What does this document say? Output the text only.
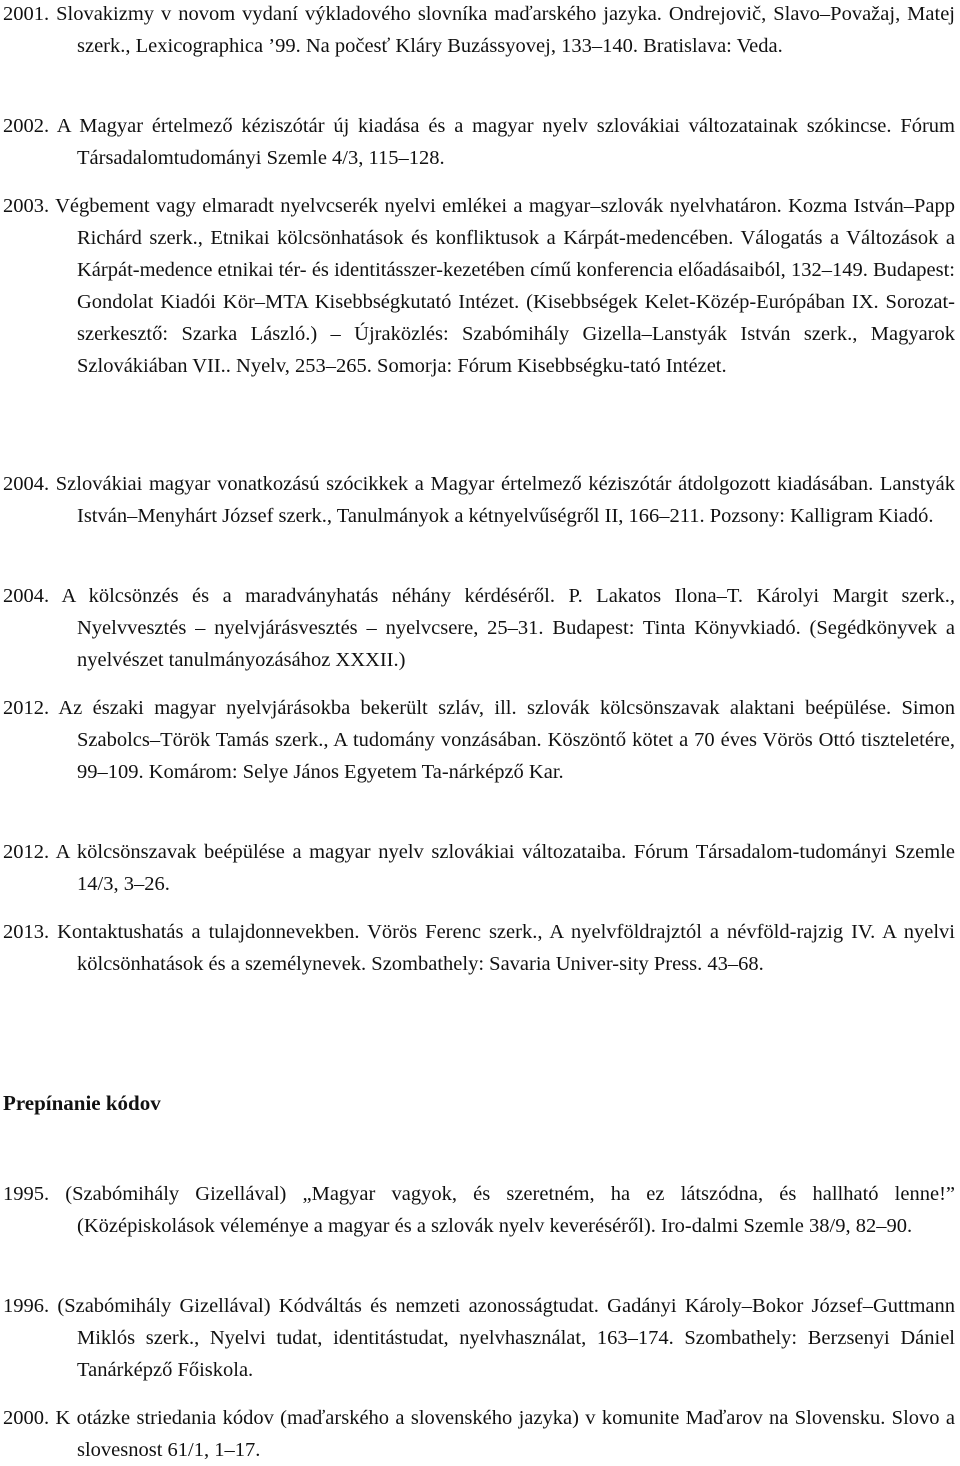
2001. Slovakizmy v novom vydaní výkladového slovníka maďarského jazyka. Ondrejovič, Slavo–Považaj, Matej szerk., Lexicographica ’99. Na počesť Kláry Buzássyovej, 133–140. Bratislava: Veda.
2002. A Magyar értelmező kéziszótár új kiadása és a magyar nyelv szlovákiai változatainak szókincse. Fórum Társadalomtudományi Szemle 4/3, 115–128.
2003. Végbement vagy elmaradt nyelvcserék nyelvi emlékei a magyar–szlovák nyelvhatáron. Kozma István–Papp Richárd szerk., Etnikai kölcsönhatások és konfliktusok a Kárpát-medencében. Válogatás a Változások a Kárpát-medence etnikai tér- és identitásszer-kezetében című konferencia előadásaiból, 132–149. Budapest: Gondolat Kiadói Kör–MTA Kisebbségkutató Intézet. (Kisebbségek Kelet-Közép-Európában IX. Sorozat-szerkesztő: Szarka László.) – Újraközlés: Szabómihály Gizella–Lanstyák István szerk., Magyarok Szlovákiában VII.. Nyelv, 253–265. Somorja: Fórum Kisebbségku-tató Intézet.
2004. Szlovákiai magyar vonatkozású szócikkek a Magyar értelmező kéziszótár átdolgozott kiadásában. Lanstyák István–Menyhárt József szerk., Tanulmányok a kétnyelvűségről II, 166–211. Pozsony: Kalligram Kiadó.
2004. A kölcsönzés és a maradványhatás néhány kérdéséről. P. Lakatos Ilona–T. Károlyi Margit szerk., Nyelvvesztés – nyelvjárásvesztés – nyelvcsere, 25–31. Budapest: Tinta Könyvkiadó. (Segédkönyvek a nyelvészet tanulmányozásához XXXII.)
2012. Az északi magyar nyelvjárásokba bekerült szláv, ill. szlovák kölcsönszavak alaktani beépülése. Simon Szabolcs–Török Tamás szerk., A tudomány vonzásában. Köszöntő kötet a 70 éves Vörös Ottó tiszteletére, 99–109. Komárom: Selye János Egyetem Ta-nárképző Kar.
2012. A kölcsönszavak beépülése a magyar nyelv szlovákiai változataiba. Fórum Társadalom-tudományi Szemle 14/3, 3–26.
2013. Kontaktushatás a tulajdonnevekben. Vörös Ferenc szerk., A nyelvföldrajztól a névföld-rajzig IV. A nyelvi kölcsönhatások és a személynevek. Szombathely: Savaria Univer-sity Press. 43–68.
Prepínanie kódov
1995. (Szabómihály Gizellával) „Magyar vagyok, és szeretném, ha ez látszódna, és hallható lenne!” (Középiskolások véleménye a magyar és a szlovák nyelv keveréséről). Iro-dalmi Szemle 38/9, 82–90.
1996. (Szabómihály Gizellával) Kódváltás és nemzeti azonosságtudat. Gadányi Károly–Bokor József–Guttmann Miklós szerk., Nyelvi tudat, identitástudat, nyelvhasználat, 163–174. Szombathely: Berzsenyi Dániel Tanárképző Főiskola.
2000. K otázke striedania kódov (maďarského a slovenského jazyka) v komunite Maďarov na Slovensku. Slovo a slovesnost 61/1, 1–17.
